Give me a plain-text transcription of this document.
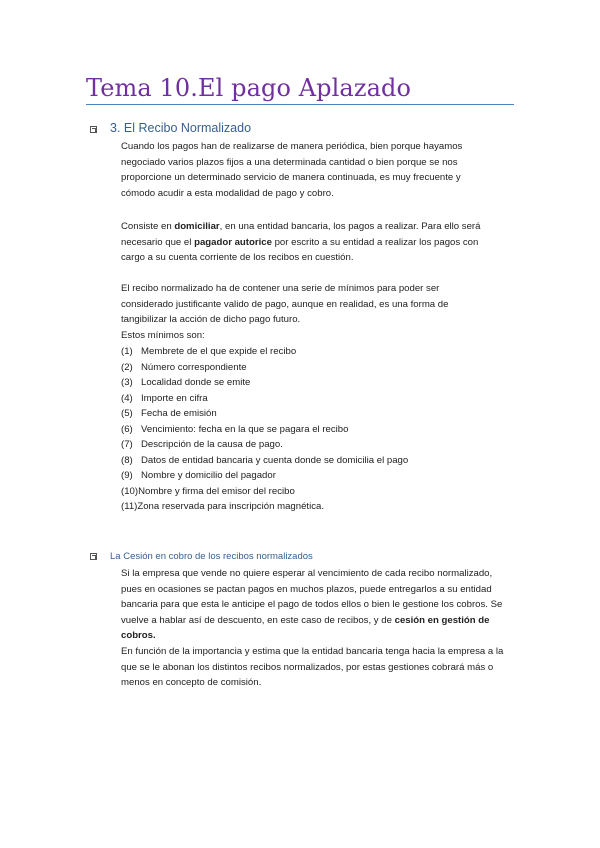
Tema 10.El pago Aplazado
3. El Recibo Normalizado

Cuando los pagos han de realizarse de manera periódica, bien porque hayamos negociado varios plazos fijos a una determinada cantidad o bien porque se nos proporcione un determinado servicio de manera continuada, es muy frecuente y cómodo acudir a esta modalidad de pago y cobro.

Consiste en domiciliar, en una entidad bancaria, los pagos a realizar. Para ello será necesario que el pagador autorice por escrito a su entidad a realizar los pagos con cargo a su cuenta corriente de los recibos en cuestión.

El recibo normalizado ha de contener una serie de mínimos para poder ser considerado justificante valido de pago, aunque en realidad, es una forma de tangibilizar la acción de dicho pago futuro.

Estos mínimos son:

(1) Membrete de el que expide el recibo
(2) Número correspondiente
(3) Localidad donde se emite
(4) Importe en cifra
(5) Fecha de emisión
(6) Vencimiento: fecha en la que se pagara el recibo
(7) Descripción de la causa de pago.
(8) Datos de entidad bancaria y cuenta donde se domicilia el pago
(9) Nombre y domicilio del pagador
(10)Nombre y firma del emisor del recibo
(11)Zona reservada para inscripción magnética.
La Cesión en cobro de los recibos normalizados

Si la empresa que vende no quiere esperar al vencimiento de cada recibo normalizado, pues en ocasiones se pactan pagos en muchos plazos, puede entregarlos a su entidad bancaria para que esta le anticipe el pago de todos ellos o bien le gestione los cobros. Se vuelve a hablar así de descuento, en este caso de recibos, y de cesión en gestión de cobros.

En función de la importancia y estima que la entidad bancaria tenga hacia la empresa a la que se le abonan los distintos recibos normalizados, por estas gestiones cobrará más o menos en concepto de comisión.
